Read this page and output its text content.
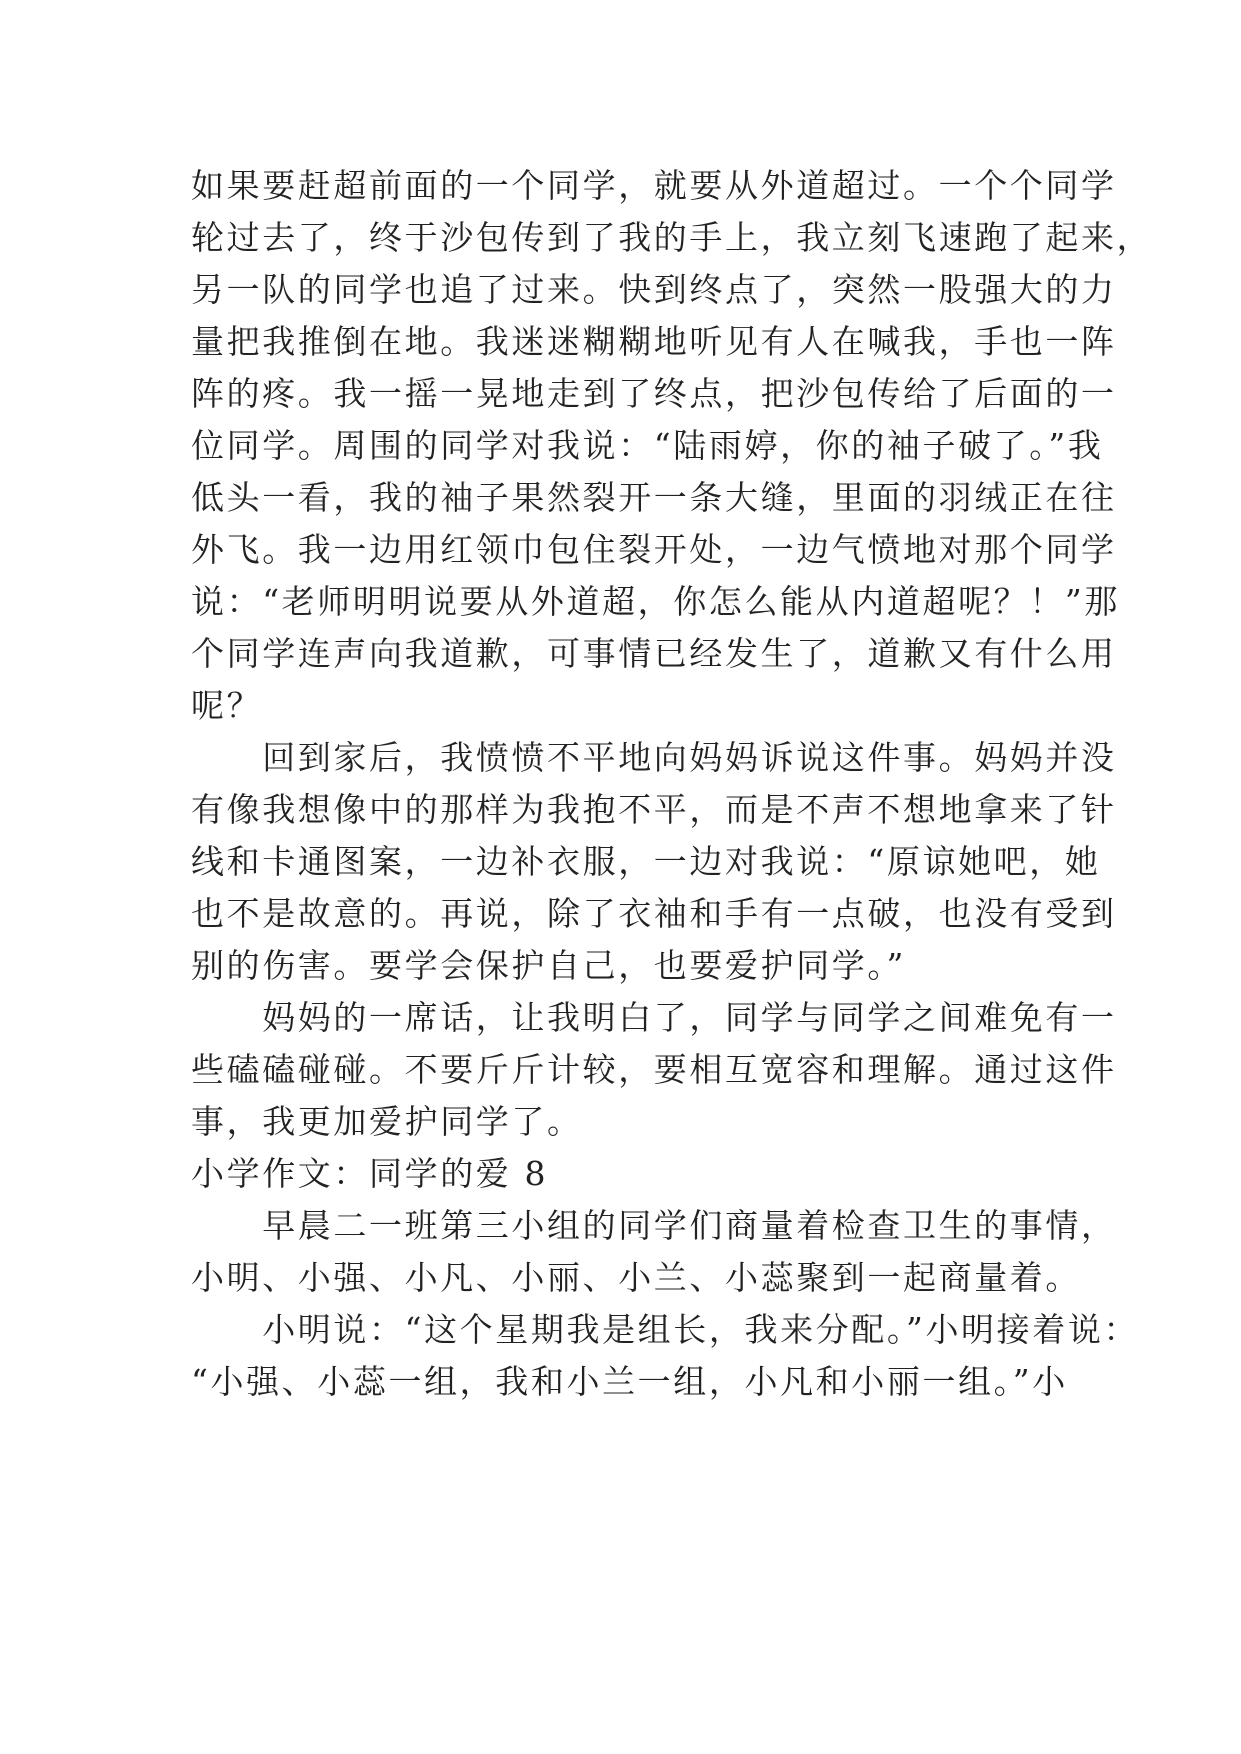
如果要赶超前面的一个同学，就要从外道超过。一个个同学

轮过去了，终于沙包传到了我的手上，我立刻飞速跑了起来，

另一队的同学也追了过来。快到终点了，突然一股强大的力

量把我推倒在地。我迷迷糊糊地听见有人在喊我，手也一阵

阵的疼。我一摇一晃地走到了终点，把沙包传给了后面的一

位同学。周围的同学对我说：“陆雨婷，你的袖子破了。”我

低头一看，我的袖子果然裂开一条大缝，里面的羽绒正在往

外飞。我一边用红领巾包住裂开处，一边气愤地对那个同学

说：“老师明明说要从外道超，你怎么能从内道超呢？！”那

个同学连声向我道歉，可事情已经发生了，道歉又有什么用

呢？

　　回到家后，我愤愤不平地向妈妈诉说这件事。妈妈并没

有像我想像中的那样为我抱不平，而是不声不想地拿来了针

线和卡通图案，一边补衣服，一边对我说：“原谅她吧，她

也不是故意的。再说，除了衣袖和手有一点破，也没有受到

别的伤害。要学会保护自己，也要爱护同学。”

　　妈妈的一席话，让我明白了，同学与同学之间难免有一

些磕磕碰碰。不要斤斤计较，要相互宽容和理解。通过这件

事，我更加爱护同学了。

小学作文：同学的爱 8

　　早晨二一班第三小组的同学们商量着检查卫生的事情，

小明、小强、小凡、小丽、小兰、小蕊聚到一起商量着。

　　小明说：“这个星期我是组长，我来分配。”小明接着说：

“小强、小蕊一组，我和小兰一组，小凡和小丽一组。”小
